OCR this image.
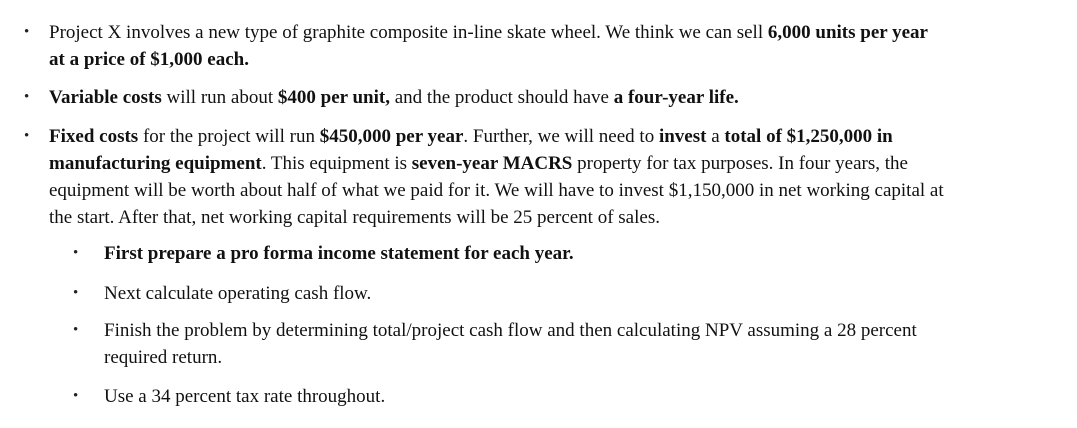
• Project X involves a new type of graphite composite in-line skate wheel. We think we can sell 6,000 units per year
at a price of $1,000 each.
• Variable costs will run about $400 per unit, and the product should have a four-year life.
• Fixed costs for the project will run $450,000 per year. Further, we will need to invest a total of $1,250,000 in
manufacturing equipment. This equipment is seven-year MACRS property for tax purposes. In four years, the
equipment will be worth about half of what we paid for it. We will have to invest $1,150,000 in net working capital at
the start. After that, net working capital requirements will be 25 percent of sales.
• First prepare a pro forma income statement for each year.
• Next calculate operating cash flow.
• Finish the problem by determining total/project cash flow and then calculating NPV assuming a 28 percent
required return.
• Use a 34 percent tax rate throughout.
